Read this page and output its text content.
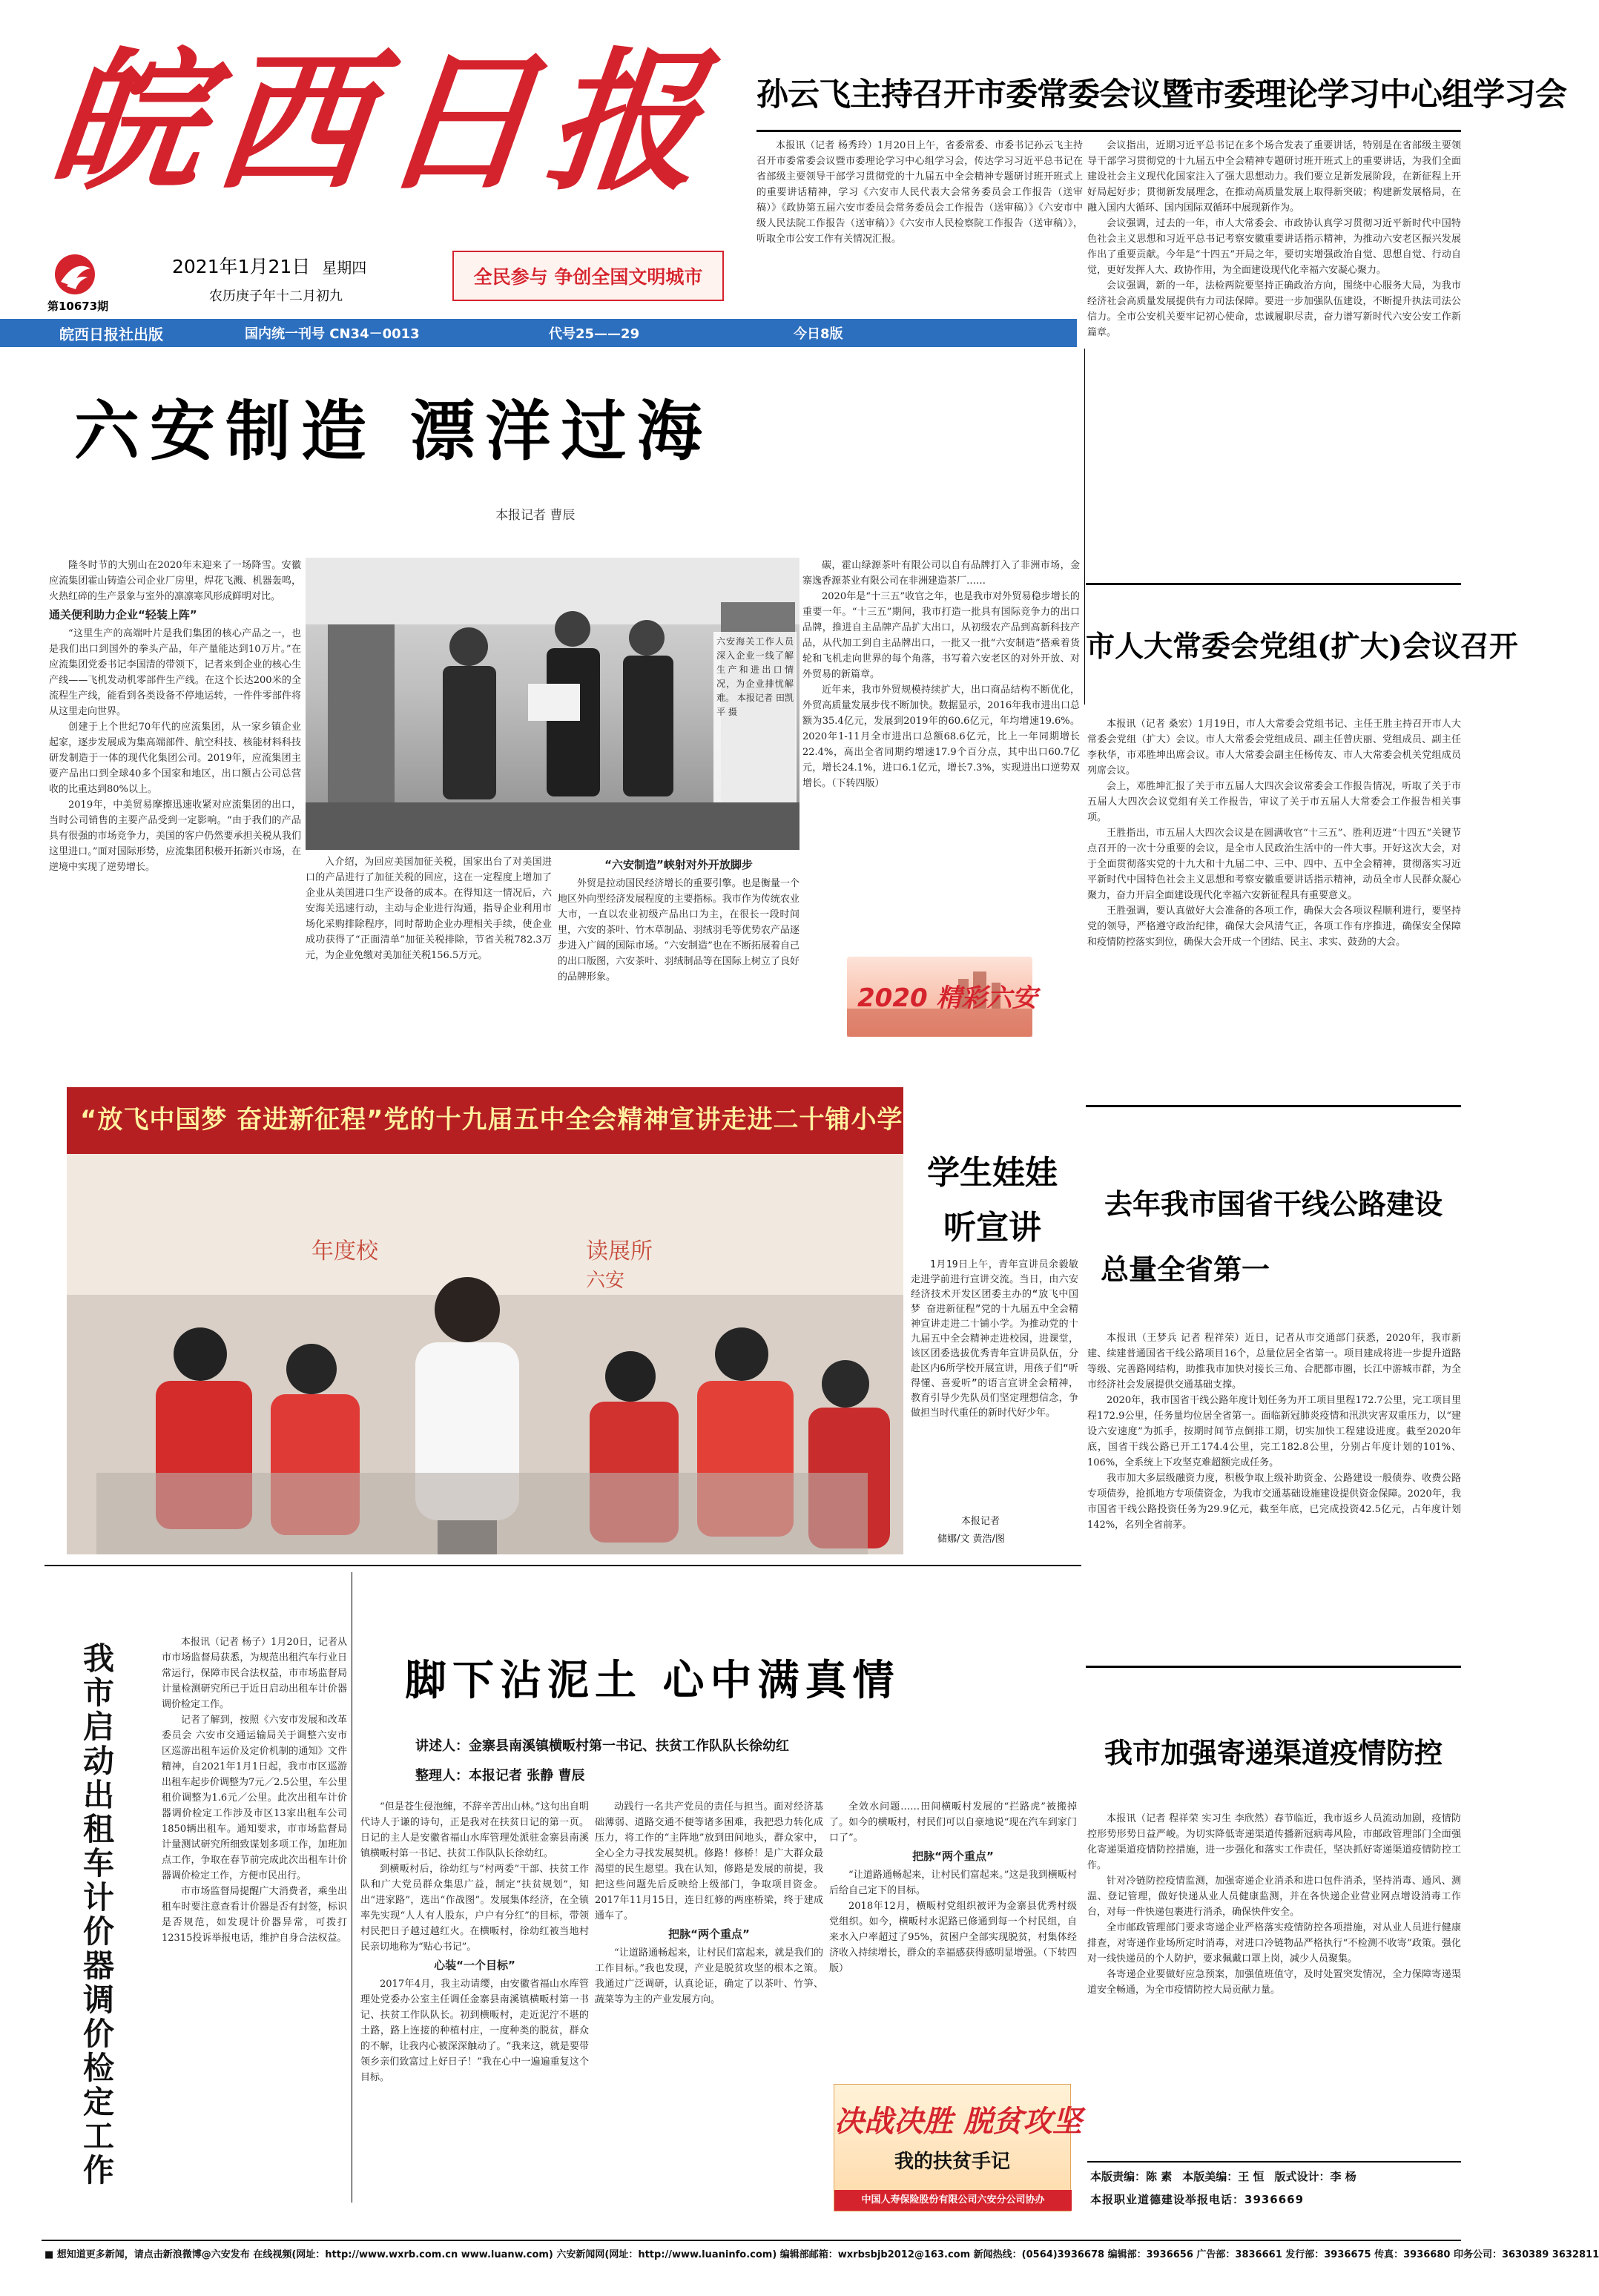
皖西日报
第10673期
2021年1月21日 星期四
农历庚子年十二月初九
全民参与 争创全国文明城市
皖西日报社出版	国内统一刊号 CN34－0013	代号25——29	今日8版
孙云飞主持召开市委常委会议暨市委理论学习中心组学习会

本报讯（记者 杨秀玲）1月20日上午，省委常委、市委书记孙云飞主持召开市委常委会议暨市委理论学习中心组学习会，传达学习习近平总书记在省部级主要领导干部学习贯彻党的十九届五中全会精神专题研讨班开班式上的重要讲话精神，学习《六安市人民代表大会常务委员会工作报告（送审稿）》《政协第五届六安市委员会常务委员会工作报告（送审稿）》《六安市中级人民法院工作报告（送审稿）》《六安市人民检察院工作报告（送审稿）》，听取全市公安工作有关情况汇报。

会议指出，近期习近平总书记在多个场合发表了重要讲话，特别是在省部级主要领导干部学习贯彻党的十九届五中全会精神专题研讨班开班式上的重要讲话，为我们全面建设社会主义现代化国家注入了强大思想动力。我们要立足新发展阶段，在新征程上开好局起好步；贯彻新发展理念，在推动高质量发展上取得新突破；构建新发展格局，在融入国内大循环、国内国际双循环中展现新作为。

会议强调，过去的一年，市人大常委会、市政协认真学习贯彻习近平新时代中国特色社会主义思想和习近平总书记考察安徽重要讲话指示精神，为推动六安老区振兴发展作出了重要贡献。今年是“十四五”开局之年，要切实增强政治自觉、思想自觉、行动自觉，更好发挥人大、政协作用，为全面建设现代化幸福六安凝心聚力。

会议强调，新的一年，法检两院要坚持正确政治方向，围绕中心服务大局，为我市经济社会高质量发展提供有力司法保障。要进一步加强队伍建设，不断提升执法司法公信力。全市公安机关要牢记初心使命，忠诚履职尽责，奋力谱写新时代六安公安工作新篇章。

六安制造 漂洋过海
本报记者 曹辰

隆冬时节的大别山在2020年末迎来了一场降雪。安徽应流集团霍山铸造公司企业厂房里，焊花飞溅、机器轰鸣，火热红碎的生产景象与室外的凛凛寒风形成鲜明对比。

通关便利助力企业“轻装上阵”

“这里生产的高端叶片是我们集团的核心产品之一，也是我们出口到国外的拳头产品，年产量能达到10万片。”在应流集团党委书记李国清的带领下，记者来到企业的核心生产线——飞机发动机零部件生产线。在这个长达200米的全流程生产线，能看到各类设备不停地运转，一件件零部件将从这里走向世界。

创建于上个世纪70年代的应流集团，从一家乡镇企业起家，逐步发展成为集高端部件、航空科技、核能材料科技研发制造于一体的现代化集团公司。2019年，应流集团主要产品出口到全球40多个国家和地区，出口额占公司总营收的比重达到80%以上。

2019年，中美贸易摩擦迅速收紧对应流集团的出口，当时公司销售的主要产品受到一定影响。“由于我们的产品具有很强的市场竞争力，美国的客户仍然要承担关税从我们这里进口。”面对国际形势，应流集团积极开拓新兴市场，在逆境中实现了逆势增长。

六安海关工作人员深入企业一线了解生产和进出口情况，为企业排忧解难。 本报记者 田凯平 摄

入介绍，为回应美国加征关税，国家出台了对美国进口的产品进行了加征关税的回应，这在一定程度上增加了企业从美国进口生产设备的成本。在得知这一情况后，六安海关迅速行动，主动与企业进行沟通，指导企业利用市场化采购排除程序，同时帮助企业办理相关手续，使企业成功获得了“正面清单”加征关税排除，节省关税782.3万元，为企业免缴对美加征关税156.5万元。

“六安制造”峡射对外开放脚步

外贸是拉动国民经济增长的重要引擎。也是衡量一个地区外向型经济发展程度的主要指标。我市作为传统农业大市，一直以农业初级产品出口为主，在很长一段时间里，六安的茶叶、竹木草制品、羽绒羽毛等优势农产品逐步进入广阔的国际市场。“六安制造”也在不断拓展着自己的出口版图，六安茶叶、羽绒制品等在国际上树立了良好的品牌形象。

碳，霍山绿源茶叶有限公司以自有品牌打入了非洲市场，金寨逸香源茶业有限公司在非洲建造茶厂……

2020年是“十三五”收官之年，也是我市对外贸易稳步增长的重要一年。“十三五”期间，我市打造一批具有国际竞争力的出口品牌，推进自主品牌产品扩大出口，从初级农产品到高新科技产品，从代加工到自主品牌出口，一批又一批“六安制造”搭乘着货轮和飞机走向世界的每个角落，书写着六安老区的对外开放、对外贸易的新篇章。

近年来，我市外贸规模持续扩大，出口商品结构不断优化，外贸高质量发展步伐不断加快。数据显示，2016年我市进出口总额为35.4亿元，发展到2019年的60.6亿元，年均增速19.6%。2020年1-11月全市进出口总额68.6亿元，比上一年同期增长22.4%，高出全省同期约增速17.9个百分点，其中出口60.7亿元，增长24.1%，进口6.1亿元，增长7.3%，实现进出口逆势双增长。（下转四版）

2020 精彩六安
市人大常委会党组(扩大)会议召开

本报讯（记者 桑宏）1月19日，市人大常委会党组书记、主任王胜主持召开市人大常委会党组（扩大）会议。市人大常委会党组成员、副主任曾庆丽、党组成员、副主任李秋华，市邓胜坤出席会议。市人大常委会副主任杨传友、市人大常委会机关党组成员列席会议。

会上，邓胜坤汇报了关于市五届人大四次会议常委会工作报告情况，听取了关于市五届人大四次会议党组有关工作报告，审议了关于市五届人大常委会工作报告相关事项。

王胜指出，市五届人大四次会议是在圆满收官“十三五”、胜利迈进“十四五”关键节点召开的一次十分重要的会议，是全市人民政治生活中的一件大事。开好这次大会，对于全面贯彻落实党的十九大和十九届二中、三中、四中、五中全会精神，贯彻落实习近平新时代中国特色社会主义思想和考察安徽重要讲话指示精神，动员全市人民群众凝心聚力，奋力开启全面建设现代化幸福六安新征程具有重要意义。

王胜强调，要认真做好大会准备的各项工作，确保大会各项议程顺利进行，要坚持党的领导，严格遵守政治纪律，确保大会风清气正，各项工作有序推进，确保安全保障和疫情防控落实到位，确保大会开成一个团结、民主、求实、鼓劲的大会。

“放飞中国梦 奋进新征程”党的十九届五中全会精神宣讲走进二十铺小学
年度校	读展所
六安
学生娃娃
听宣讲
1月19日上午，青年宣讲员余毅敏走进学前进行宣讲交流。当日，由六安经济技术开发区团委主办的“放飞中国梦 奋进新征程”党的十九届五中全会精神宣讲走进二十铺小学。为推动党的十九届五中全会精神走进校园，进课堂，该区团委选拔优秀青年宣讲员队伍，分赴区内6所学校开展宣讲，用孩子们“听得懂、喜爱听”的语言宣讲全会精神，教育引导少先队员们坚定理想信念，争做担当时代重任的新时代好少年。
本报记者
储娜/文 黄浩/图
去年我市国省干线公路建设
总量全省第一

本报讯（王梦兵 记者 程祥荣）近日，记者从市交通部门获悉，2020年，我市新建、续建普通国省干线公路项目16个，总量位居全省第一。项目建成将进一步提升道路等级、完善路网结构，助推我市加快对接长三角、合肥都市圈，长江中游城市群，为全市经济社会发展提供交通基础支撑。

2020年，我市国省干线公路年度计划任务为开工项目里程172.7公里，完工项目里程172.9公里，任务量均位居全省第一。面临新冠肺炎疫情和汛洪灾害双重压力，以“建设六安速度”为抓手，按期时间节点倒排工期，切实加快工程建设进度。截至2020年底，国省干线公路已开工174.4公里，完工182.8公里，分别占年度计划的101%、106%，全系统上下攻坚克难超额完成任务。

我市加大多层级融资力度，积极争取上级补助资金、公路建设一般债券、收费公路专项债券，抢抓地方专项债资金，为我市交通基础设施建设提供资金保障。2020年，我市国省干线公路投资任务为29.9亿元，截至年底，已完成投资42.5亿元，占年度计划142%，名列全省前茅。

我市启动出租车计价器调价检定工作	本报讯（记者 杨子）1月20日，记者从市市场监督局获悉，为规范出租汽车行业日常运行，保障市民合法权益，市市场监督局计量检测研究所已于近日启动出租车计价器调价检定工作。

记者了解到，按照《六安市发展和改革委员会 六安市交通运输局关于调整六安市区巡游出租车运价及定价机制的通知》文件精神，自2021年1月1日起，我市市区巡游出租车起步价调整为7元／2.5公里，车公里租价调整为1.6元／公里。此次出租车计价器调价检定工作涉及市区13家出租车公司1850辆出租车。通知要求，市市场监督局计量测试研究所细致谋划多项工作，加班加点工作，争取在春节前完成此次出租车计价器调价检定工作，方便市民出行。

市市场监督局提醒广大消费者，乘坐出租车时要注意查看计价器是否有封签，标识是否规范，如发现计价器异常，可拨打12315投诉举报电话，维护自身合法权益。

脚下沾泥土 心中满真情
讲述人：金寨县南溪镇横畈村第一书记、扶贫工作队队长徐幼红
整理人：本报记者 张静 曹辰

“但是苍生侵泡缠，不辞辛苦出山林。”这句出自明代诗人于谦的诗句，正是我对在扶贫日记的第一页。日记的主人是安徽省福山水库管理处派驻金寨县南溪镇横畈村第一书记、扶贫工作队队长徐幼红。

到横畈村后，徐幼红与“村两委”干部、扶贫工作队和广大党员群众集思广益，制定“扶贫规划”，知出“进家路”，选出“作战图”。发展集体经济，在全镇率先实现“人人有人股东，户户有分红”的目标，带领村民把日子越过越红火。在横畈村，徐幼红被当地村民亲切地称为“贴心书记”。

心装“一个目标”

2017年4月，我主动请缨，由安徽省福山水库管理处党委办公室主任调任金寨县南溪镇横畈村第一书记、扶贫工作队队长。初到横畈村，走近泥泞不堪的土路，路上连接的种植村庄，一度种类的脱贫，群众的不解，让我内心被深深触动了。“我来这，就是要带领乡亲们致富过上好日子！”我在心中一遍遍重复这个目标。

动践行一名共产党员的责任与担当。面对经济基础薄弱、道路交通不便等诸多困难，我把恐力转化成压力，将工作的“主阵地”放到田间地头，群众家中，全心全力寻找发展契机。修路！修桥！是广大群众最渴望的民生愿望。我在认知，修路是发展的前提，我把这些问题先后反映给上级部门，争取项目资金。2017年11月15日，连日红修的两座桥梁，终于建成通车了。

把脉“两个重点”

“让道路通畅起来，让村民们富起来，就是我们的工作目标。”我也发现，产业是脱贫攻坚的根本之策。我通过广泛调研，认真论证，确定了以茶叶、竹笋、蔬菜等为主的产业发展方向。

全效水问题……田间横畈村发展的“拦路虎”被搬掉了。如今的横畈村，村民们可以自豪地说“现在汽车到家门口了”。

把脉“两个重点”

“让道路通畅起来，让村民们富起来。”这是我到横畈村后给自己定下的目标。

2018年12月，横畈村党组织被评为金寨县优秀村级党组织。如今，横畈村水泥路已修通到每一个村民组，自来水入户率超过了95%，贫困户全部实现脱贫，村集体经济收入持续增长，群众的幸福感获得感明显增强。（下转四版）

决战决胜 脱贫攻坚
我的扶贫手记
中国人寿保险股份有限公司六安分公司协办
我市加强寄递渠道疫情防控

本报讯（记者 程祥荣 实习生 李欣然）春节临近，我市返乡人员流动加剧，疫情防控形势形势日益严峻。为切实降低寄递渠道传播新冠病毒风险，市邮政管理部门全面强化寄递渠道疫情防控措施，进一步强化和落实工作责任，坚决抓好寄递渠道疫情防控工作。

针对冷链防控疫情监测，加强寄递企业消杀和进口包件消杀，坚持消毒、通风、测温、登记管理，做好快递从业人员健康监测，并在各快递企业营业网点增设消毒工作台，对每一件快递包裹进行消杀，确保快件安全。

全市邮政管理部门要求寄递企业严格落实疫情防控各项措施，对从业人员进行健康排查，对寄递作业场所定时消毒，对进口冷链物品严格执行“不检测不收寄”政策。强化对一线快递员的个人防护，要求佩戴口罩上岗，减少人员聚集。

各寄递企业要做好应急预案，加强值班值守，及时处置突发情况，全力保障寄递渠道安全畅通，为全市疫情防控大局贡献力量。

本版责编：陈 素 本版美编：王 恒 版式设计：李 杨
本报职业道德建设举报电话：3936669
■ 想知道更多新闻，请点击新浪微博@六安发布 在线视频(网址：http://www.wxrb.com.cn www.luanw.com) 六安新闻网(网址：http://www.luaninfo.com) 编辑部邮箱：wxrbsbjb2012@163.com 新闻热线：(0564)3936678 编辑部：3936656 广告部：3836661 发行部：3936675 传真：3936680 印务公司：3630389 3632811
